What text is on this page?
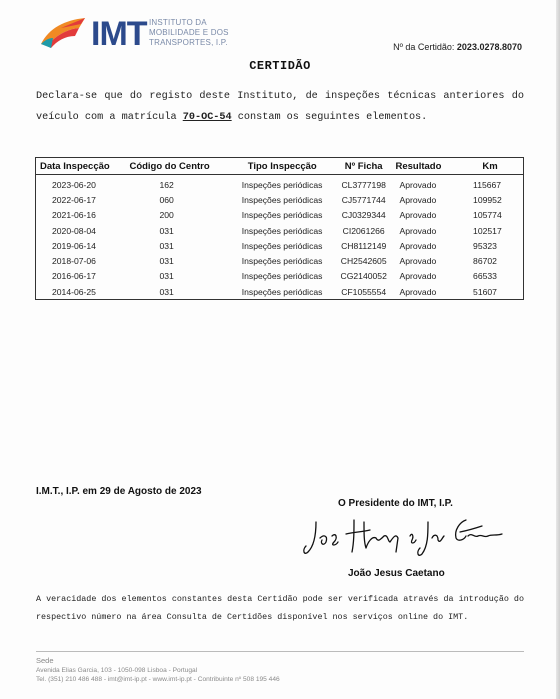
IMT INSTITUTO DA
MOBILIDADE E DOS
TRANSPORTES, I.P.	Nº da Certidão: 2023.0278.8070
CERTIDÃO
Declara-se que do registo deste Instituto, de inspeções técnicas anteriores do veículo com a matrícula 70-OC-54 constam os seguintes elementos.
Data Inspecção	Código do Centro	Tipo Inspecção	Nº Ficha	Resultado	Km
2023-06-20	162	Inspeções periódicas	CL3777198	Aprovado	115667
2022-06-17	060	Inspeções periódicas	CJ5771744	Aprovado	109952
2021-06-16	200	Inspeções periódicas	CJ0329344	Aprovado	105774
2020-08-04	031	Inspeções periódicas	CI2061266	Aprovado	102517
2019-06-14	031	Inspeções periódicas	CH8112149	Aprovado	95323
2018-07-06	031	Inspeções periódicas	CH2542605	Aprovado	86702
2016-06-17	031	Inspeções periódicas	CG2140052	Aprovado	66533
2014-06-25	031	Inspeções periódicas	CF1055554	Aprovado	51607
I.M.T., I.P. em 29 de Agosto de 2023
O Presidente do IMT, I.P.
João Jesus Caetano
A veracidade dos elementos constantes desta Certidão pode ser verificada através da introdução do respectivo número na área Consulta de Certidões disponível nos serviços online do IMT.
Sede
Avenida Elias Garcia, 103 - 1050-098 Lisboa - Portugal
Tel. (351) 210 486 488 - imt@imt-ip.pt - www.imt-ip.pt - Contribuinte nº 508 195 446
